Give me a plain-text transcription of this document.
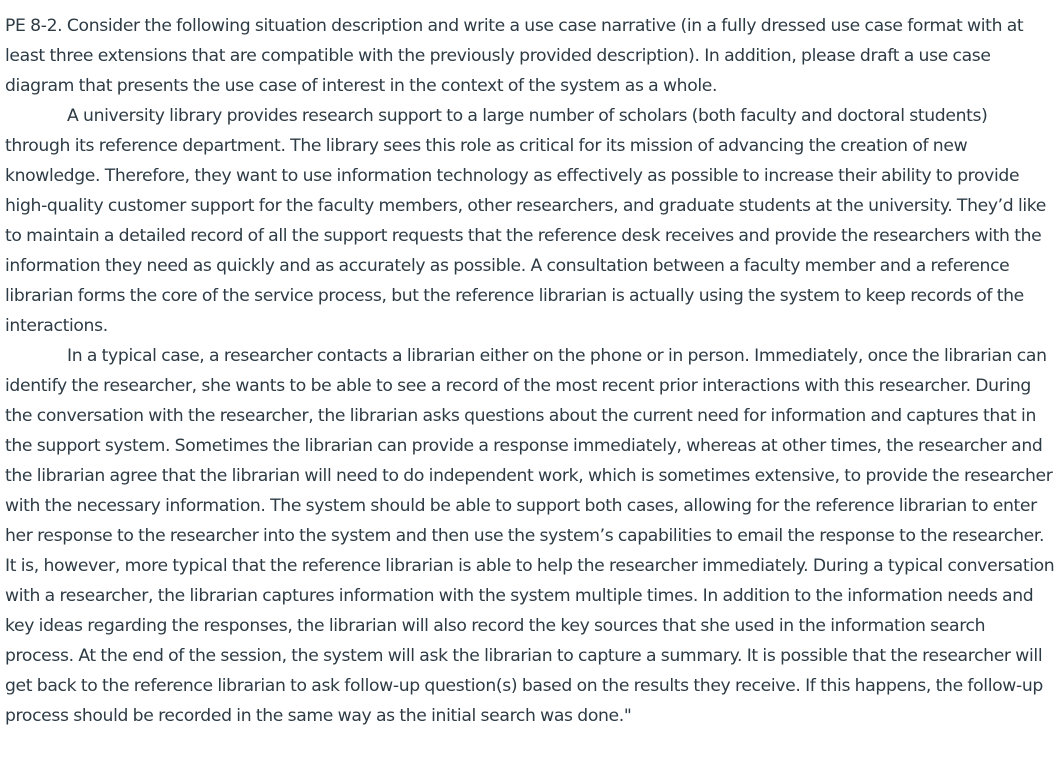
PE 8-2. Consider the following situation description and write a use case narrative (in a fully dressed use case format with at least three extensions that are compatible with the previously provided description). In addition, please draft a use case diagram that presents the use case of interest in the context of the system as a whole.

A university library provides research support to a large number of scholars (both faculty and doctoral students) through its reference department. The library sees this role as critical for its mission of advancing the creation of new knowledge. Therefore, they want to use information technology as effectively as possible to increase their ability to provide high-quality customer support for the faculty members, other researchers, and graduate students at the university. They’d like to maintain a detailed record of all the support requests that the reference desk receives and provide the researchers with the information they need as quickly and as accurately as possible. A consultation between a faculty member and a reference librarian forms the core of the service process, but the reference librarian is actually using the system to keep records of the interactions.

In a typical case, a researcher contacts a librarian either on the phone or in person. Immediately, once the librarian can identify the researcher, she wants to be able to see a record of the most recent prior interactions with this researcher. During the conversation with the researcher, the librarian asks questions about the current need for information and captures that in the support system. Sometimes the librarian can provide a response immediately, whereas at other times, the researcher and the librarian agree that the librarian will need to do independent work, which is sometimes extensive, to provide the researcher with the necessary information. The system should be able to support both cases, allowing for the reference librarian to enter her response to the researcher into the system and then use the system’s capabilities to email the response to the researcher. It is, however, more typical that the reference librarian is able to help the researcher immediately. During a typical conversation with a researcher, the librarian captures information with the system multiple times. In addition to the information needs and key ideas regarding the responses, the librarian will also record the key sources that she used in the information search process. At the end of the session, the system will ask the librarian to capture a summary. It is possible that the researcher will get back to the reference librarian to ask follow-up question(s) based on the results they receive. If this happens, the follow-up process should be recorded in the same way as the initial search was done."
